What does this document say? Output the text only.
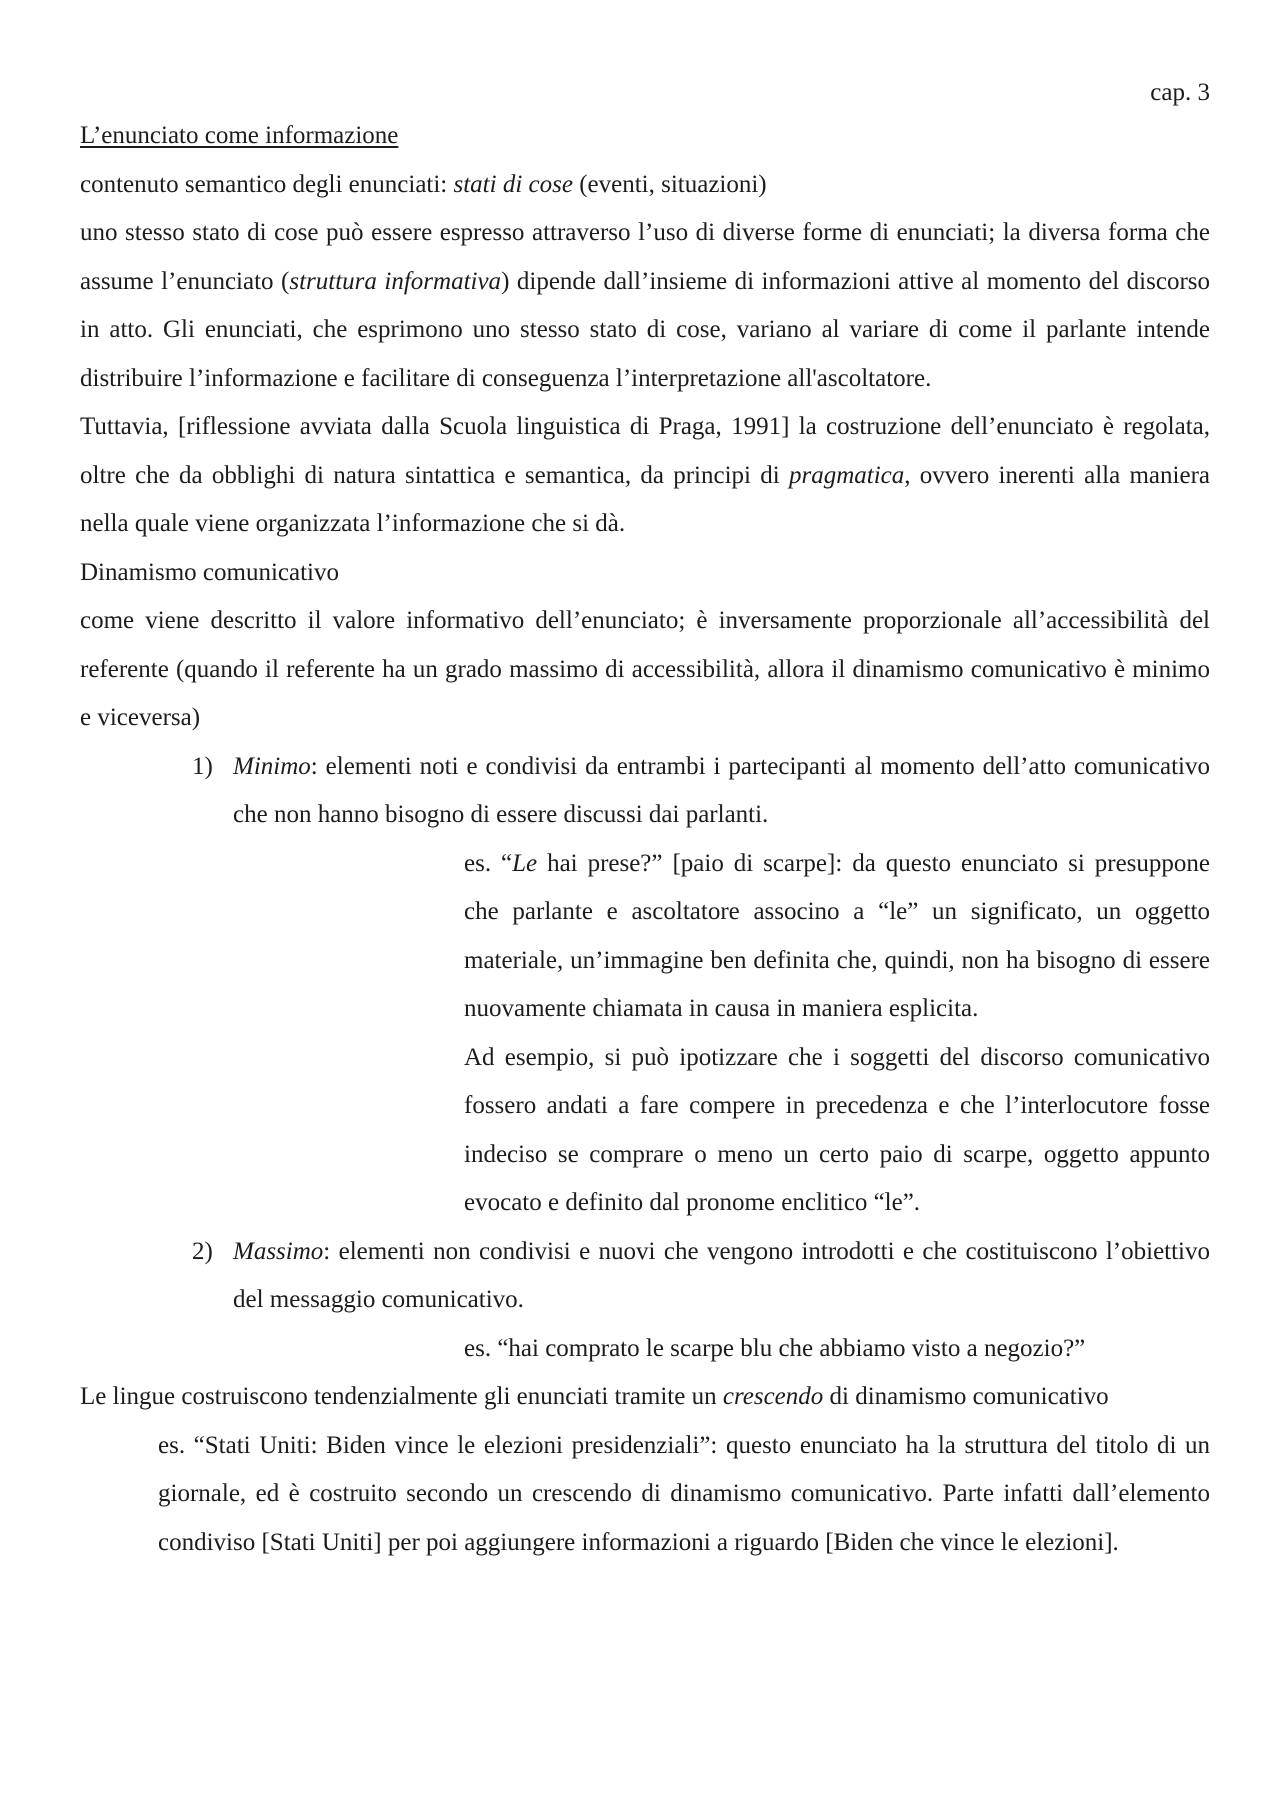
cap. 3

L’enunciato come informazione

contenuto semantico degli enunciati: stati di cose (eventi, situazioni)

uno stesso stato di cose può essere espresso attraverso l’uso di diverse forme di enunciati; la diversa forma che assume l’enunciato (struttura informativa) dipende dall’insieme di informazioni attive al momento del discorso in atto. Gli enunciati, che esprimono uno stesso stato di cose, variano al variare di come il parlante intende distribuire l’informazione e facilitare di conseguenza l’interpretazione all'ascoltatore.

Tuttavia, [riflessione avviata dalla Scuola linguistica di Praga, 1991] la costruzione dell’enunciato è regolata, oltre che da obblighi di natura sintattica e semantica, da principi di pragmatica, ovvero inerenti alla maniera nella quale viene organizzata l’informazione che si dà.

Dinamismo comunicativo

come viene descritto il valore informativo dell’enunciato; è inversamente proporzionale all’accessibilità del referente (quando il referente ha un grado massimo di accessibilità, allora il dinamismo comunicativo è minimo e viceversa)

1) Minimo: elementi noti e condivisi da entrambi i partecipanti al momento dell’atto comunicativo che non hanno bisogno di essere discussi dai parlanti.

es. “Le hai prese?” [paio di scarpe]: da questo enunciato si presuppone che parlante e ascoltatore associno a “le” un significato, un oggetto materiale, un’immagine ben definita che, quindi, non ha bisogno di essere nuovamente chiamata in causa in maniera esplicita.

Ad esempio, si può ipotizzare che i soggetti del discorso comunicativo fossero andati a fare compere in precedenza e che l’interlocutore fosse indeciso se comprare o meno un certo paio di scarpe, oggetto appunto evocato e definito dal pronome enclitico “le”.

2) Massimo: elementi non condivisi e nuovi che vengono introdotti e che costituiscono l’obiettivo del messaggio comunicativo.

es. “hai comprato le scarpe blu che abbiamo visto a negozio?”

Le lingue costruiscono tendenzialmente gli enunciati tramite un crescendo di dinamismo comunicativo

es. “Stati Uniti: Biden vince le elezioni presidenziali”: questo enunciato ha la struttura del titolo di un giornale, ed è costruito secondo un crescendo di dinamismo comunicativo. Parte infatti dall’elemento condiviso [Stati Uniti] per poi aggiungere informazioni a riguardo [Biden che vince le elezioni].
